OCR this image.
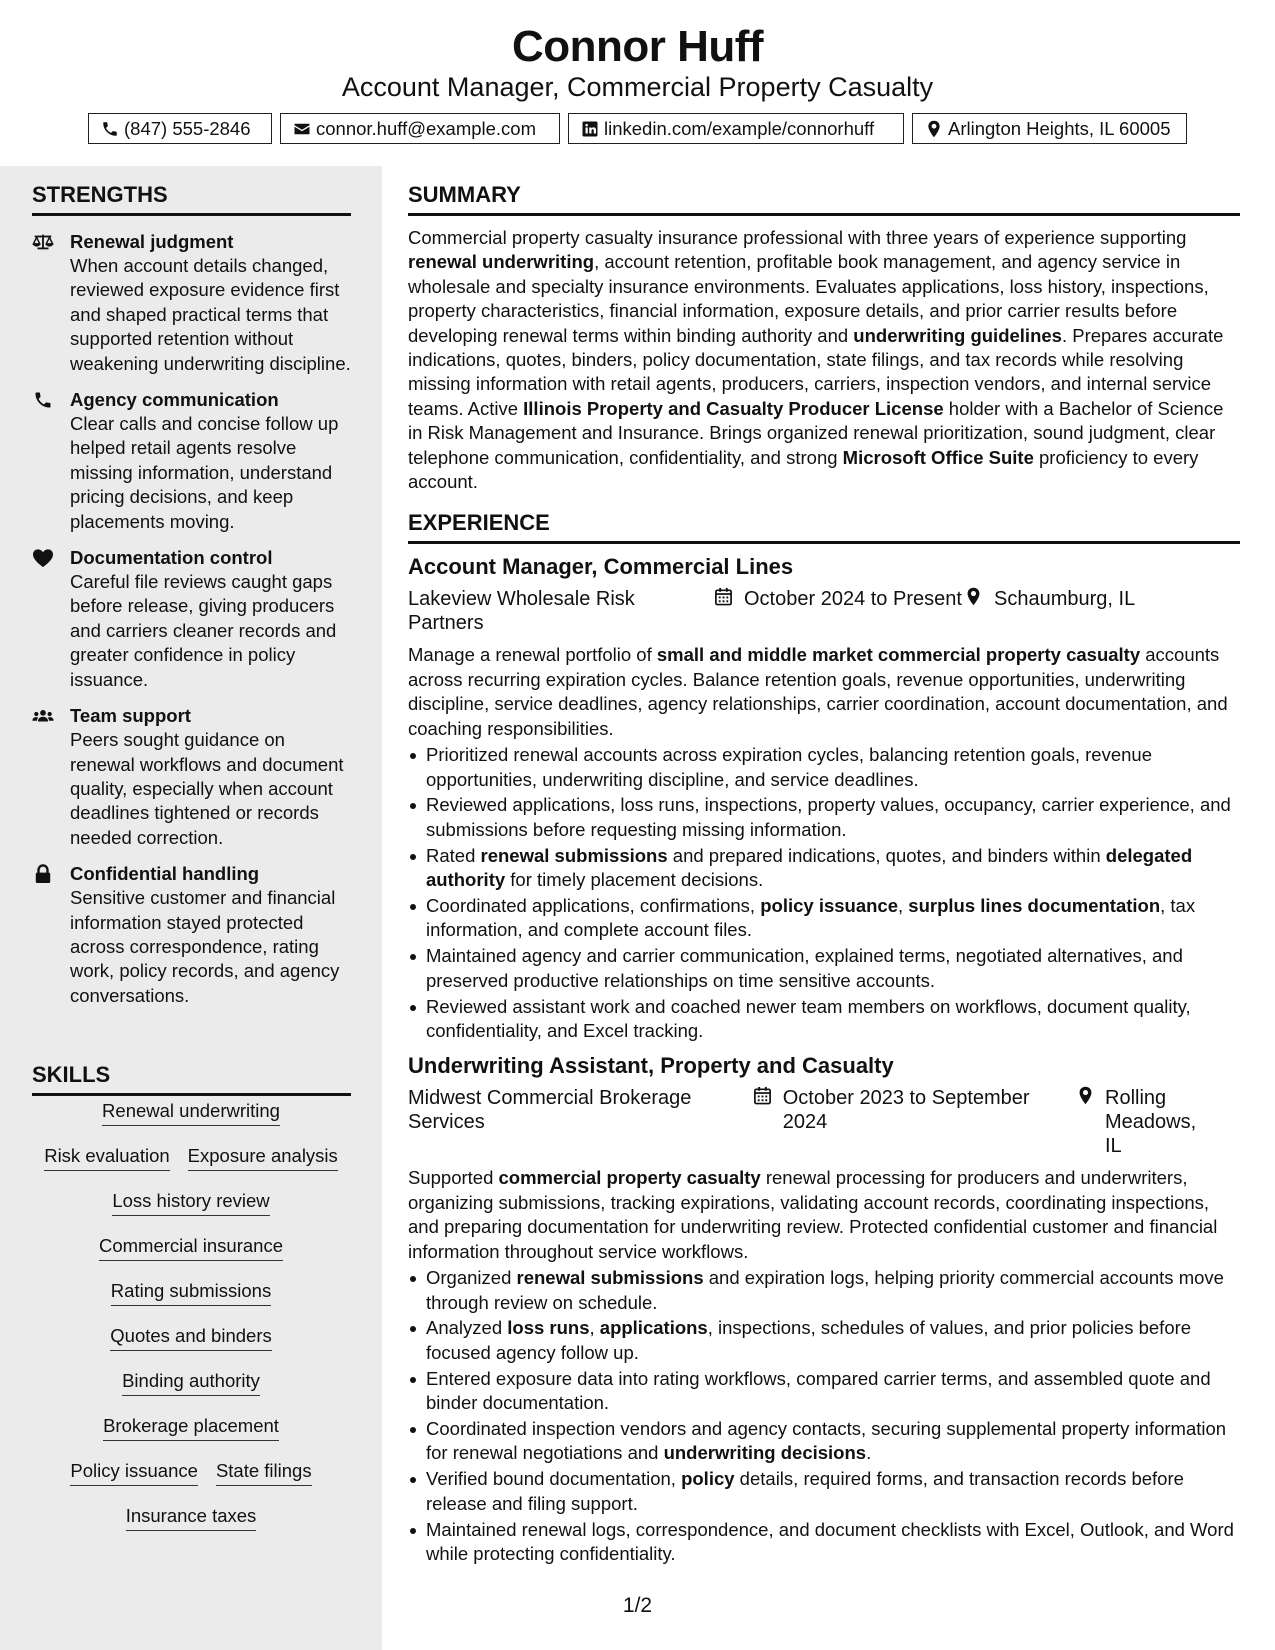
Connor Huff
Account Manager, Commercial Property Casualty
(847) 555-2846	connor.huff@example.com	linkedin.com/example/connorhuff	Arlington Heights, IL 60005
STRENGTHS
Renewal judgment
When account details changed, reviewed exposure evidence first and shaped practical terms that supported retention without weakening underwriting discipline.
Agency communication
Clear calls and concise follow up helped retail agents resolve missing information, understand pricing decisions, and keep placements moving.
Documentation control
Careful file reviews caught gaps before release, giving producers and carriers cleaner records and greater confidence in policy issuance.
Team support
Peers sought guidance on renewal workflows and document quality, especially when account deadlines tightened or records needed correction.
Confidential handling
Sensitive customer and financial information stayed protected across correspondence, rating work, policy records, and agency conversations.
SKILLS
Renewal underwriting
Risk evaluation Exposure analysis
Loss history review
Commercial insurance
Rating submissions
Quotes and binders
Binding authority
Brokerage placement
Policy issuance State filings
Insurance taxes
SUMMARY
Commercial property casualty insurance professional with three years of experience supporting renewal underwriting, account retention, profitable book management, and agency service in wholesale and specialty insurance environments. Evaluates applications, loss history, inspections, property characteristics, financial information, exposure details, and prior carrier results before developing renewal terms within binding authority and underwriting guidelines. Prepares accurate indications, quotes, binders, policy documentation, state filings, and tax records while resolving missing information with retail agents, producers, carriers, inspection vendors, and internal service teams. Active Illinois Property and Casualty Producer License holder with a Bachelor of Science in Risk Management and Insurance. Brings organized renewal prioritization, sound judgment, clear telephone communication, confidentiality, and strong Microsoft Office Suite proficiency to every account.
EXPERIENCE
Account Manager, Commercial Lines
Lakeview Wholesale Risk Partners
October 2024 to Present Schaumburg, IL
Manage a renewal portfolio of small and middle market commercial property casualty accounts across recurring expiration cycles. Balance retention goals, revenue opportunities, underwriting discipline, service deadlines, agency relationships, carrier coordination, account documentation, and coaching responsibilities.
Prioritized renewal accounts across expiration cycles, balancing retention goals, revenue opportunities, underwriting discipline, and service deadlines.
Reviewed applications, loss runs, inspections, property values, occupancy, carrier experience, and submissions before requesting missing information.
Rated renewal submissions and prepared indications, quotes, and binders within delegated authority for timely placement decisions.
Coordinated applications, confirmations, policy issuance, surplus lines documentation, tax information, and complete account files.
Maintained agency and carrier communication, explained terms, negotiated alternatives, and preserved productive relationships on time sensitive accounts.
Reviewed assistant work and coached newer team members on workflows, document quality, confidentiality, and Excel tracking.
Underwriting Assistant, Property and Casualty
Midwest Commercial Brokerage Services
October 2023 to September 2024
Rolling Meadows, IL
Supported commercial property casualty renewal processing for producers and underwriters, organizing submissions, tracking expirations, validating account records, coordinating inspections, and preparing documentation for underwriting review. Protected confidential customer and financial information throughout service workflows.
Organized renewal submissions and expiration logs, helping priority commercial accounts move through review on schedule.
Analyzed loss runs, applications, inspections, schedules of values, and prior policies before focused agency follow up.
Entered exposure data into rating workflows, compared carrier terms, and assembled quote and binder documentation.
Coordinated inspection vendors and agency contacts, securing supplemental property information for renewal negotiations and underwriting decisions.
Verified bound documentation, policy details, required forms, and transaction records before release and filing support.
Maintained renewal logs, correspondence, and document checklists with Excel, Outlook, and Word while protecting confidentiality.
1/2
